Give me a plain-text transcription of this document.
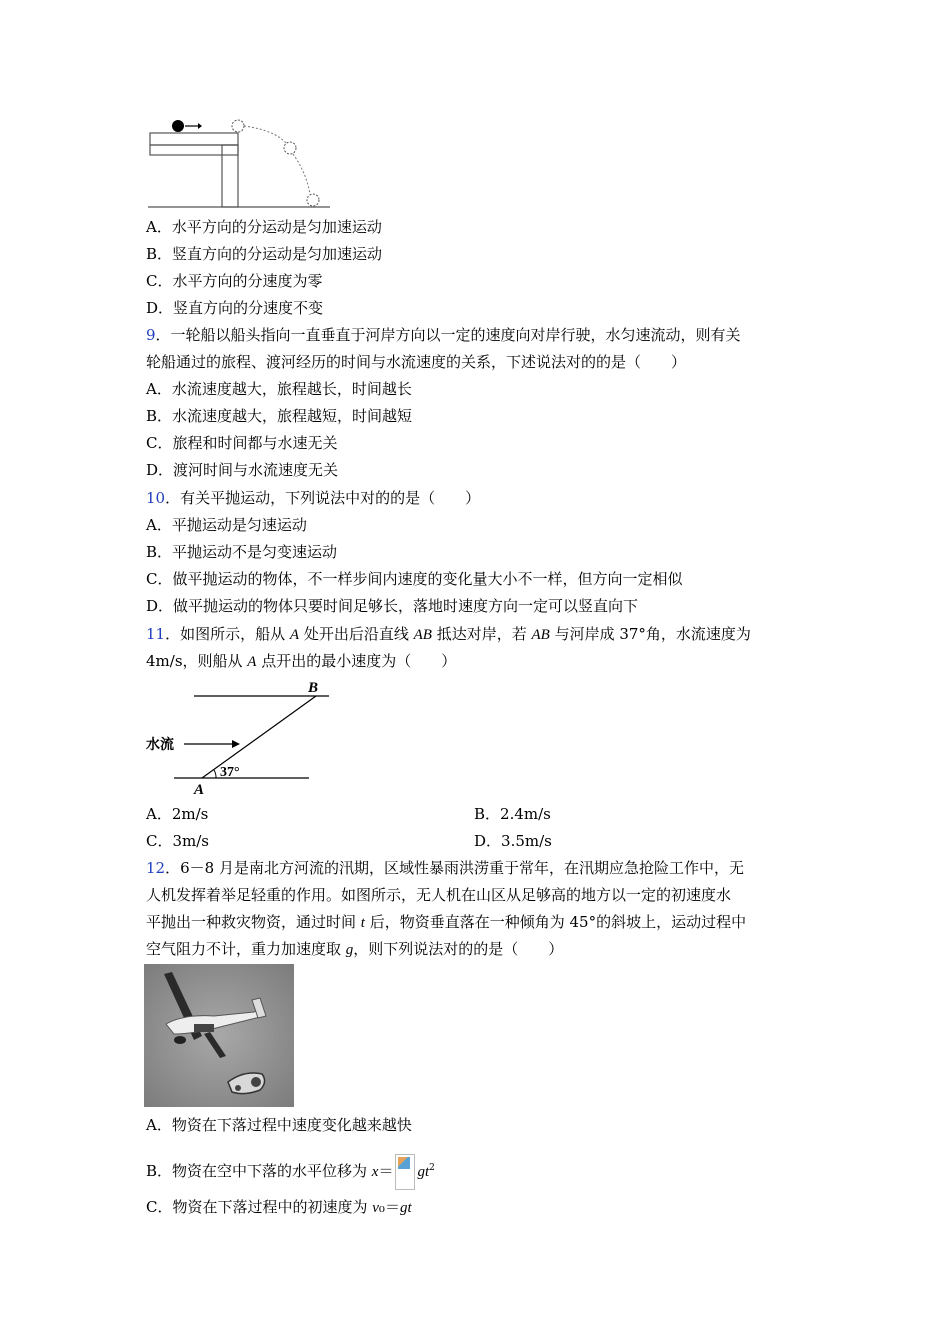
A．水平方向的分运动是匀加速运动
B．竖直方向的分运动是匀加速运动
C．水平方向的分速度为零
D．竖直方向的分速度不变
9．一轮船以船头指向一直垂直于河岸方向以一定的速度向对岸行驶，水匀速流动，则有关
轮船通过的旅程、渡河经历的时间与水流速度的关系，下述说法对的的是（　　）
A．水流速度越大，旅程越长，时间越长
B．水流速度越大，旅程越短，时间越短
C．旅程和时间都与水速无关
D．渡河时间与水流速度无关
10．有关平抛运动，下列说法中对的的是（　　）
A．平抛运动是匀速运动
B．平抛运动不是匀变速运动
C．做平抛运动的物体，不一样步间内速度的变化量大小不一样，但方向一定相似
D．做平抛运动的物体只要时间足够长，落地时速度方向一定可以竖直向下
11．如图所示，船从 A 处开出后沿直线 AB 抵达对岸，若 AB 与河岸成 37°角，水流速度为
4m/s，则船从 A 点开出的最小速度为（　　）
B
A
水流
37°
A．2m/s	B．2.4m/s
C．3m/s	D．3.5m/s
12．6－8 月是南北方河流的汛期，区域性暴雨洪涝重于常年，在汛期应急抢险工作中，无
人机发挥着举足轻重的作用。如图所示，无人机在山区从足够高的地方以一定的初速度水
平抛出一种救灾物资，通过时间 t 后，物资垂直落在一种倾角为 45°的斜坡上，运动过程中
空气阻力不计，重力加速度取 g，则下列说法对的的是（　　）
A．物资在下落过程中速度变化越来越快
B．物资在空中下落的水平位移为 $x= gt^2$
C．物资在下落过程中的初速度为 v₀＝gt
